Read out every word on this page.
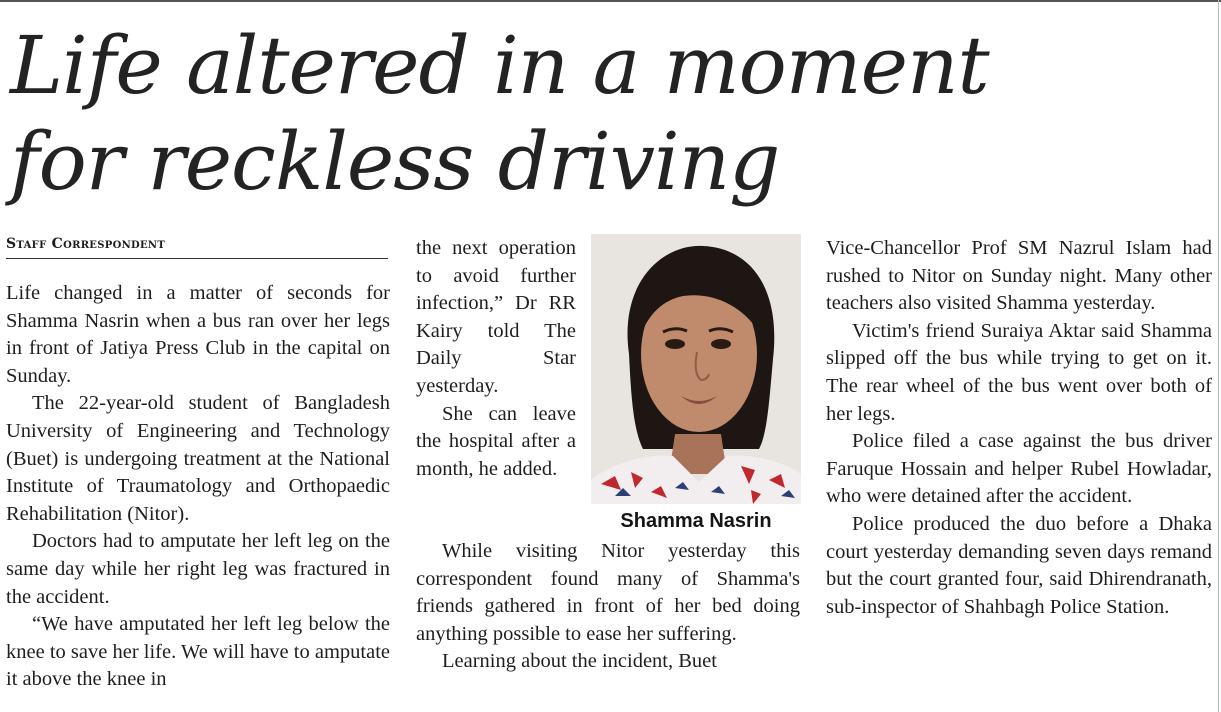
Life altered in a moment
for reckless driving
Staff Correspondent

Life changed in a matter of seconds for Shamma Nasrin when a bus ran over her legs in front of Jatiya Press Club in the capital on Sunday.

The 22-year-old student of Bangladesh University of Engineering and Technology (Buet) is undergoing treatment at the National Institute of Traumatology and Orthopaedic Rehabilitation (Nitor).

Doctors had to amputate her left leg on the same day while her right leg was fractured in the accident.

“We have amputated her left leg below the knee to save her life. We will have to amputate it above the knee in

the next operation to avoid further infection,” Dr RR Kairy told The Daily Star yesterday.

She can leave the hospital after a month, he added.

Shamma Nasrin

While visiting Nitor yesterday this correspondent found many of Shamma's friends gathered in front of her bed doing anything possible to ease her suffering.

Learning about the incident, Buet

Vice-Chancellor Prof SM Nazrul Islam had rushed to Nitor on Sunday night. Many other teachers also visited Shamma yesterday.

Victim's friend Suraiya Aktar said Shamma slipped off the bus while trying to get on it. The rear wheel of the bus went over both of her legs.

Police filed a case against the bus driver Faruque Hossain and helper Rubel Howladar, who were detained after the accident.

Police produced the duo before a Dhaka court yesterday demanding seven days remand but the court granted four, said Dhirendranath, sub-inspector of Shahbagh Police Station.
